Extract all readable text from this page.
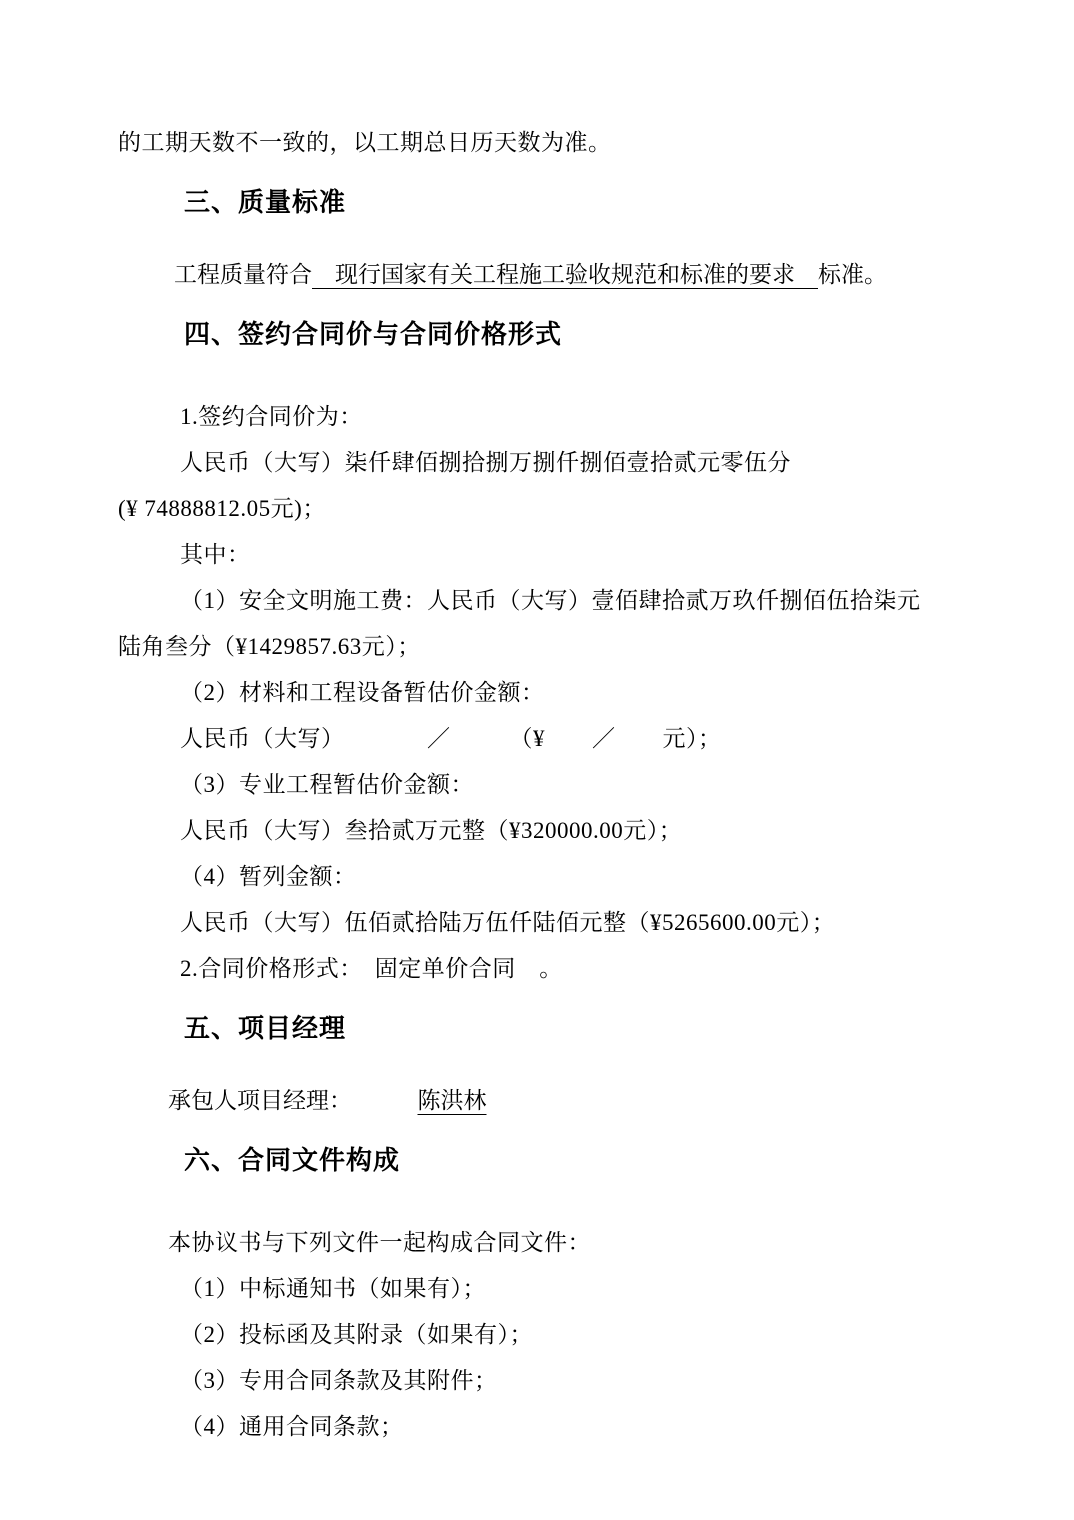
的工期天数不一致的，以工期总日历天数为准。
三、质量标准
工程质量符合　现行国家有关工程施工验收规范和标准的要求　标准。
四、签约合同价与合同价格形式
1.签约合同价为：
人民币（大写）柒仟肆佰捌拾捌万捌仟捌佰壹拾贰元零伍分
(¥ 74888812.05元)；
其中：
（1）安全文明施工费：人民币（大写）壹佰肆拾贰万玖仟捌佰伍拾柒元
陆角叁分（¥1429857.63元）；
（2）材料和工程设备暂估价金额：
人民币（大写）　　　　／　　　（¥　　／　　元）；
（3）专业工程暂估价金额：
人民币（大写）叁拾贰万元整（¥320000.00元）；
（4）暂列金额：
人民币（大写）伍佰贰拾陆万伍仟陆佰元整（¥5265600.00元）；
2.合同价格形式：　固定单价合同　。
五、项目经理
承包人项目经理：	陈洪林
六、合同文件构成
本协议书与下列文件一起构成合同文件：
（1）中标通知书（如果有）；
（2）投标函及其附录（如果有）；
（3）专用合同条款及其附件；
（4）通用合同条款；
